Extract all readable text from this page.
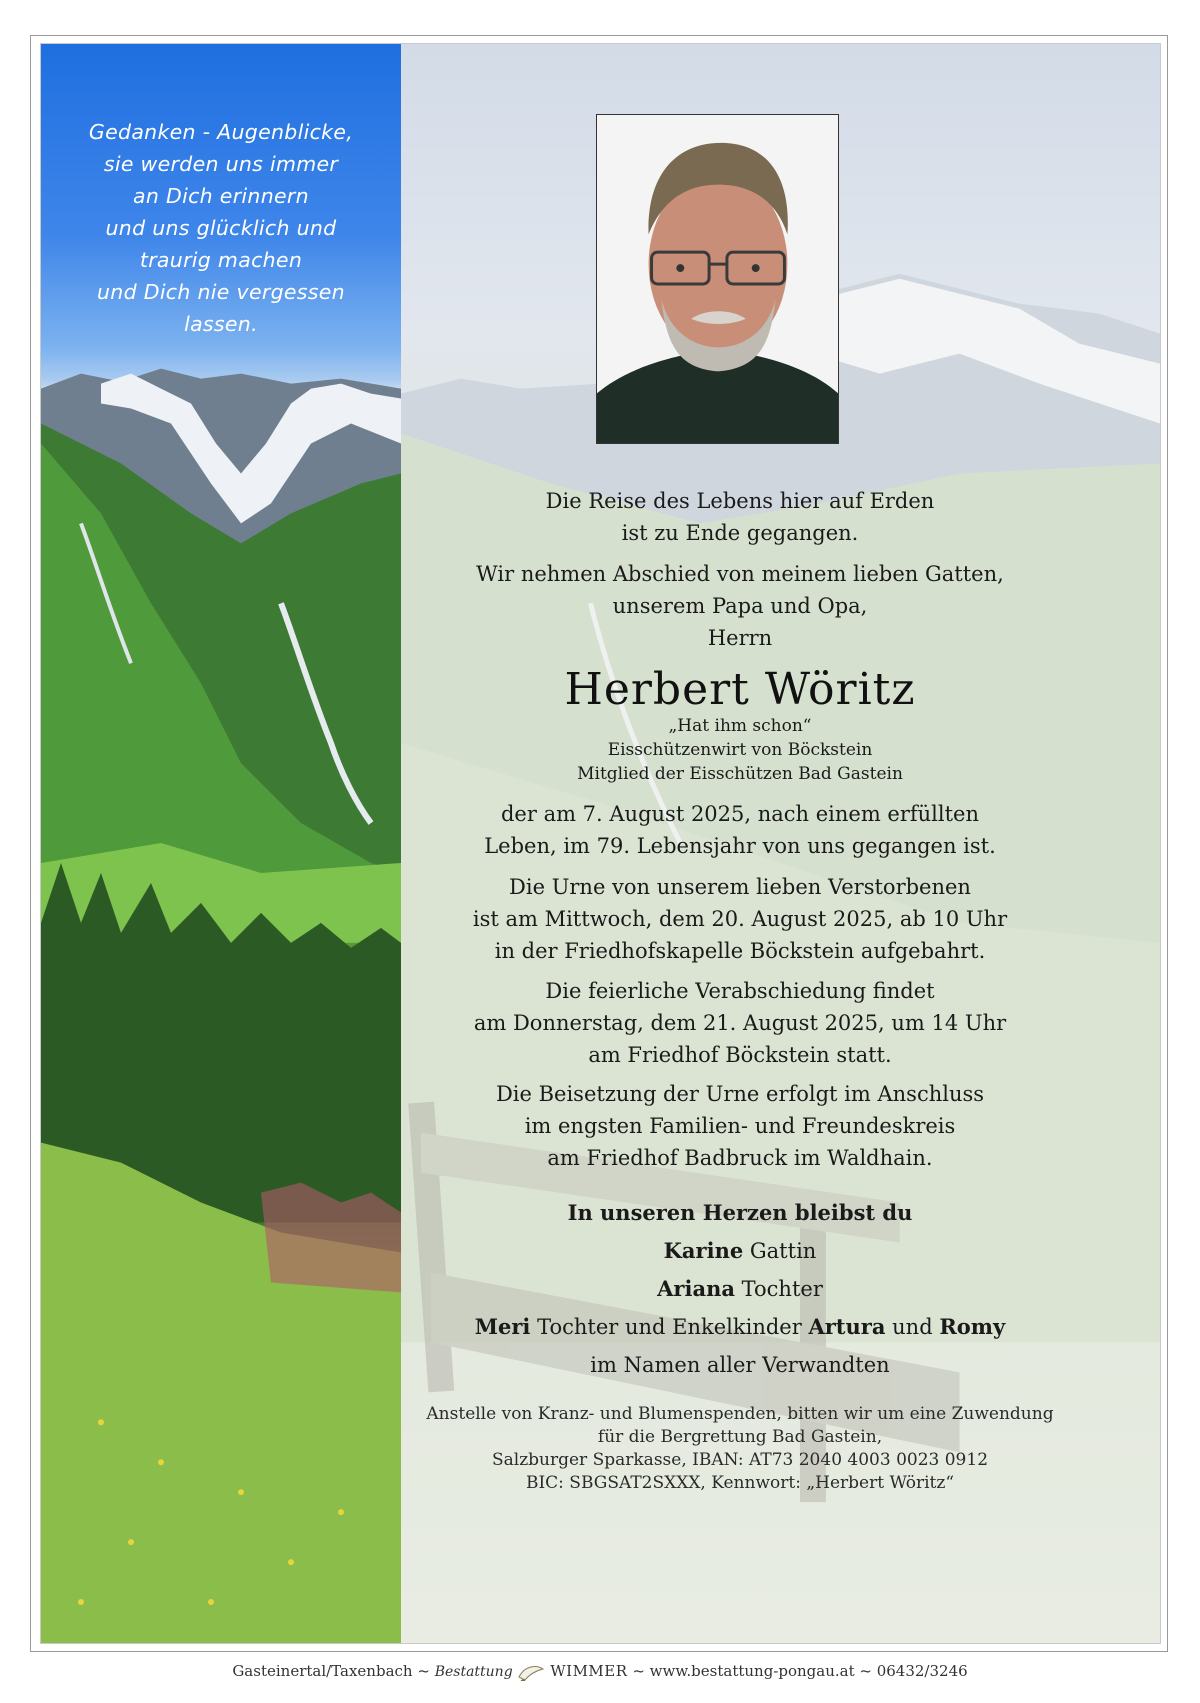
Gedanken - Augenblicke,
sie werden uns immer
an Dich erinnern
und uns glücklich und
traurig machen
und Dich nie vergessen
lassen.
Die Reise des Lebens hier auf Erden
ist zu Ende gegangen.
Wir nehmen Abschied von meinem lieben Gatten,
unserem Papa und Opa,
Herrn
Herbert Wöritz
„Hat ihm schon“
Eisschützenwirt von Böckstein
Mitglied der Eisschützen Bad Gastein
der am 7. August 2025, nach einem erfüllten
Leben, im 79. Lebensjahr von uns gegangen ist.
Die Urne von unserem lieben Verstorbenen
ist am Mittwoch, dem 20. August 2025, ab 10 Uhr
in der Friedhofskapelle Böckstein aufgebahrt.
Die feierliche Verabschiedung findet
am Donnerstag, dem 21. August 2025, um 14 Uhr
am Friedhof Böckstein statt.
Die Beisetzung der Urne erfolgt im Anschluss
im engsten Familien- und Freundeskreis
am Friedhof Badbruck im Waldhain.
In unseren Herzen bleibst du
Karine Gattin
Ariana Tochter
Meri Tochter und Enkelkinder Artura und Romy
im Namen aller Verwandten
Anstelle von Kranz- und Blumenspenden, bitten wir um eine Zuwendung
für die Bergrettung Bad Gastein,
Salzburger Sparkasse, IBAN: AT73 2040 4003 0023 0912
BIC: SBGSAT2SXXX, Kennwort: „Herbert Wöritz“
Gasteinertal/Taxenbach ~ Bestattung	WIMMER ~ www.bestattung-pongau.at ~ 06432/3246
